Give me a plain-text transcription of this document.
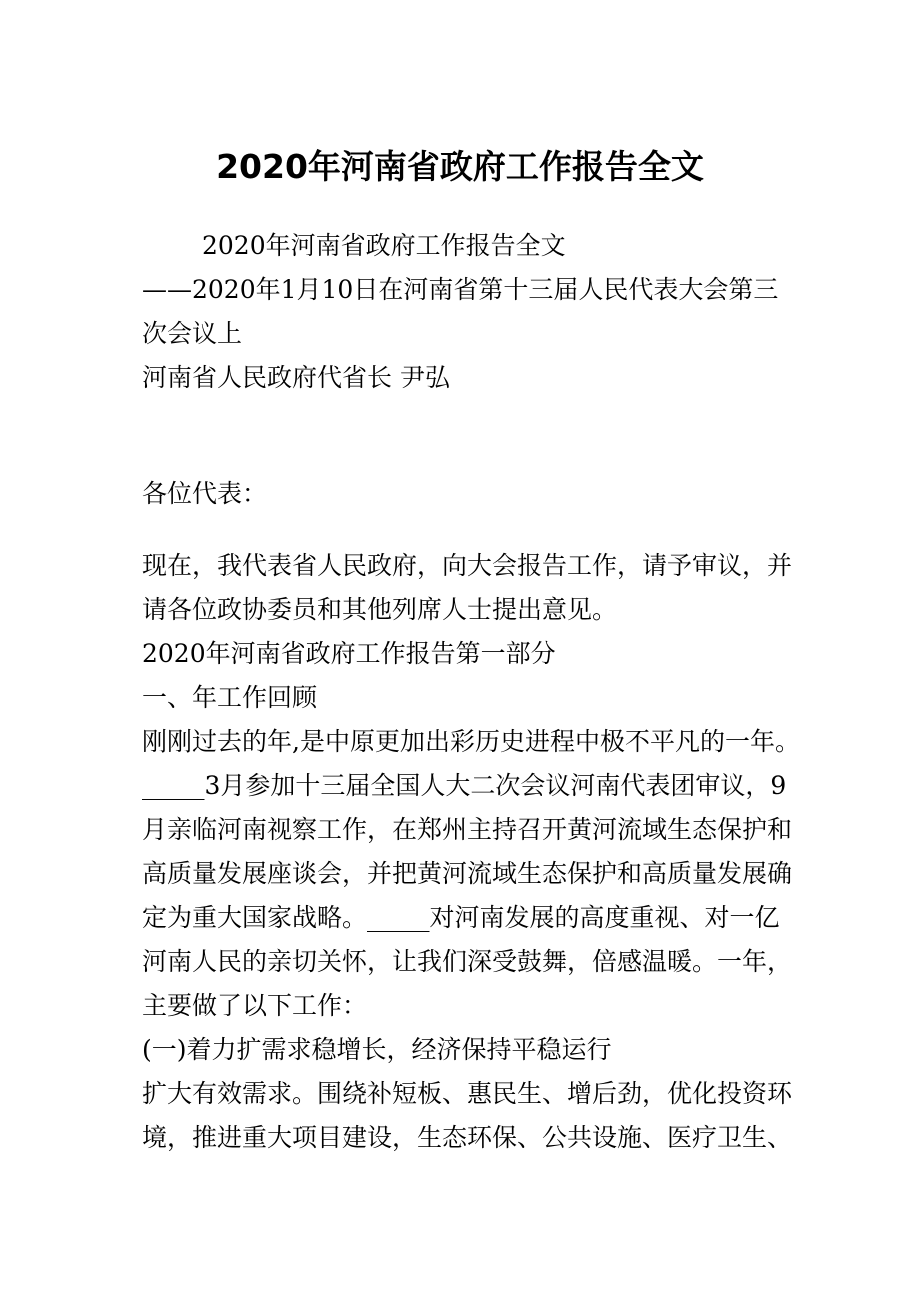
2020年河南省政府工作报告全文
2020年河南省政府工作报告全文
——2020年1月10日在河南省第十三届人民代表大会第三
次会议上
河南省人民政府代省长 尹弘
各位代表：
现在，我代表省人民政府，向大会报告工作，请予审议，并
请各位政协委员和其他列席人士提出意见。
2020年河南省政府工作报告第一部分
一、年工作回顾
刚刚过去的年,是中原更加出彩历史进程中极不平凡的一年。
_____3月参加十三届全国人大二次会议河南代表团审议，9
月亲临河南视察工作，在郑州主持召开黄河流域生态保护和
高质量发展座谈会，并把黄河流域生态保护和高质量发展确
定为重大国家战略。_____对河南发展的高度重视、对一亿
河南人民的亲切关怀，让我们深受鼓舞，倍感温暖。一年，
主要做了以下工作：
(一)着力扩需求稳增长，经济保持平稳运行
扩大有效需求。围绕补短板、惠民生、增后劲，优化投资环
境，推进重大项目建设，生态环保、公共设施、医疗卫生、
